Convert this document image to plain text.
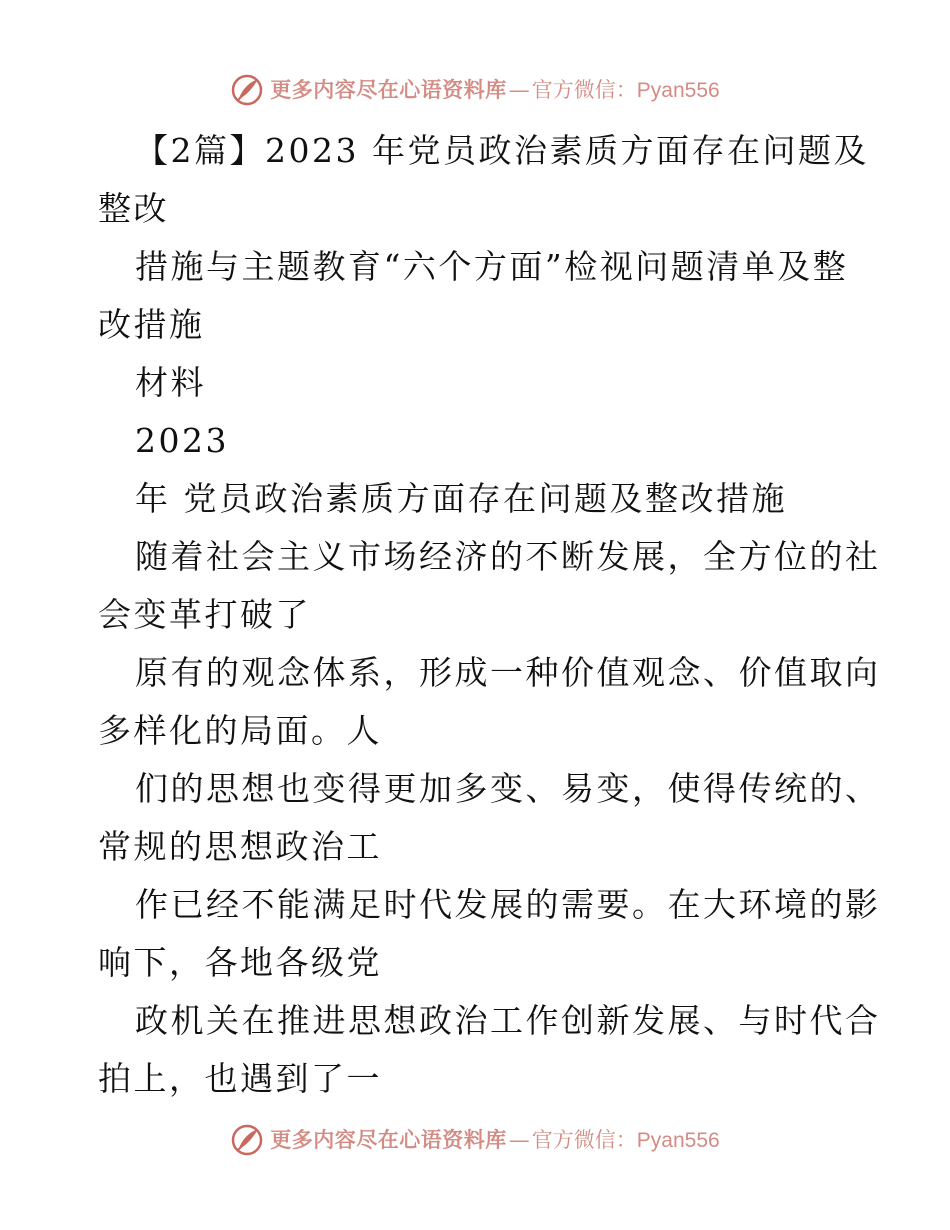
更多内容尽在心语资料库 — 官方微信： Pyan556
【2篇】2023 年党员政治素质方面存在问题及
整改
措施与主题教育“六个方面”检视问题清单及整
改措施
材料
2023
年 党员政治素质方面存在问题及整改措施
随着社会主义市场经济的不断发展，全方位的社
会变革打破了
原有的观念体系，形成一种价值观念、价值取向
多样化的局面。人
们的思想也变得更加多变、易变，使得传统的、
常规的思想政治工
作已经不能满足时代发展的需要。在大环境的影
响下，各地各级党
政机关在推进思想政治工作创新发展、与时代合
拍上，也遇到了一
更多内容尽在心语资料库 — 官方微信： Pyan556
